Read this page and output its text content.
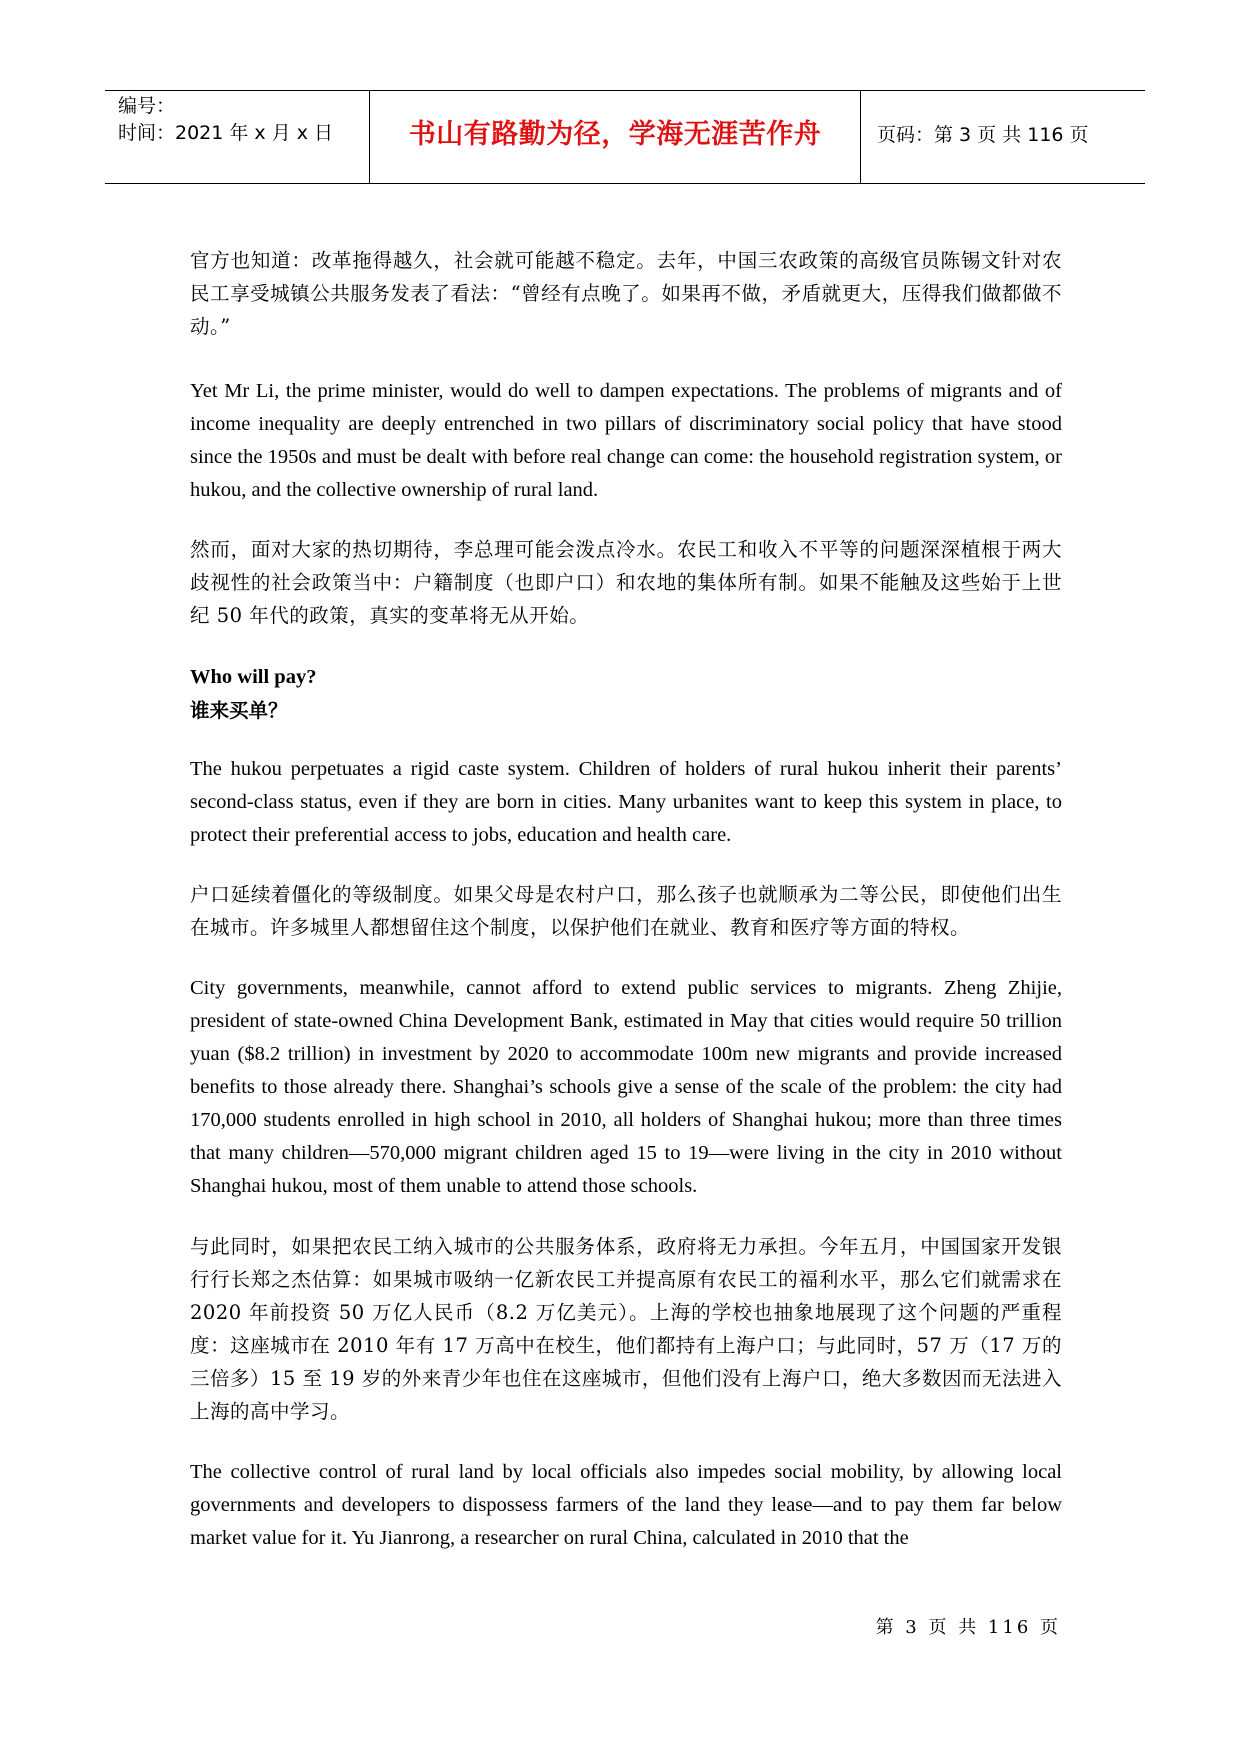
编号：
时间：2021 年 x 月 x 日	书山有路勤为径，学海无涯苦作舟	页码：第 3 页 共 116 页

官方也知道：改革拖得越久，社会就可能越不稳定。去年，中国三农政策的高级官员陈锡文针对农民工享受城镇公共服务发表了看法：“曾经有点晚了。如果再不做，矛盾就更大，压得我们做都做不动。”

Yet Mr Li, the prime minister, would do well to dampen expectations. The problems of migrants and of income inequality are deeply entrenched in two pillars of discriminatory social policy that have stood since the 1950s and must be dealt with before real change can come: the household registration system, or hukou, and the collective ownership of rural land.

然而，面对大家的热切期待，李总理可能会泼点冷水。农民工和收入不平等的问题深深植根于两大歧视性的社会政策当中：户籍制度（也即户口）和农地的集体所有制。如果不能触及这些始于上世纪 50 年代的政策，真实的变革将无从开始。

Who will pay?

谁来买单？

The hukou perpetuates a rigid caste system. Children of holders of rural hukou inherit their parents’ second-class status, even if they are born in cities. Many urbanites want to keep this system in place, to protect their preferential access to jobs, education and health care.

户口延续着僵化的等级制度。如果父母是农村户口，那么孩子也就顺承为二等公民，即使他们出生在城市。许多城里人都想留住这个制度，以保护他们在就业、教育和医疗等方面的特权。

City governments, meanwhile, cannot afford to extend public services to migrants. Zheng Zhijie, president of state-owned China Development Bank, estimated in May that cities would require 50 trillion yuan ($8.2 trillion) in investment by 2020 to accommodate 100m new migrants and provide increased benefits to those already there. Shanghai’s schools give a sense of the scale of the problem: the city had 170,000 students enrolled in high school in 2010, all holders of Shanghai hukou; more than three times that many children—570,000 migrant children aged 15 to 19—were living in the city in 2010 without Shanghai hukou, most of them unable to attend those schools.

与此同时，如果把农民工纳入城市的公共服务体系，政府将无力承担。今年五月，中国国家开发银行行长郑之杰估算：如果城市吸纳一亿新农民工并提高原有农民工的福利水平，那么它们就需求在 2020 年前投资 50 万亿人民币（8.2 万亿美元）。上海的学校也抽象地展现了这个问题的严重程度：这座城市在 2010 年有 17 万高中在校生，他们都持有上海户口；与此同时，57 万（17 万的三倍多）15 至 19 岁的外来青少年也住在这座城市，但他们没有上海户口，绝大多数因而无法进入上海的高中学习。

The collective control of rural land by local officials also impedes social mobility, by allowing local governments and developers to dispossess farmers of the land they lease—and to pay them far below market value for it. Yu Jianrong, a researcher on rural China, calculated in 2010 that the

第 3 页 共 116 页
